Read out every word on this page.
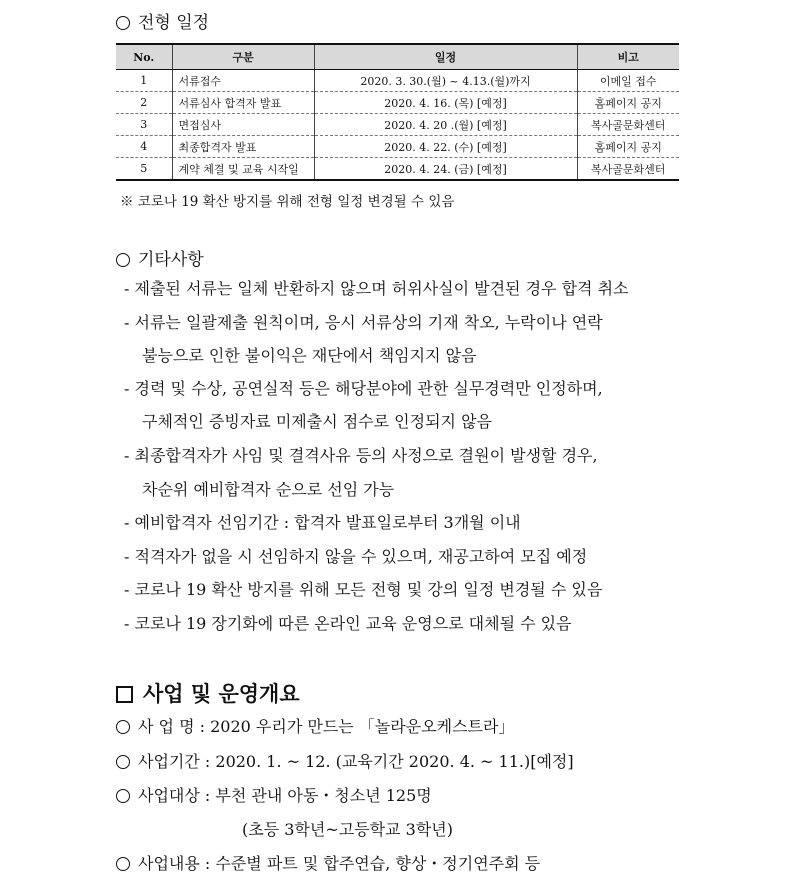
전형 일정
No.	구분	일정	비고
1	서류접수	2020. 3. 30.(월) ~ 4.13.(월)까지	이메일 접수
2	서류심사 합격자 발표	2020. 4. 16. (목) [예정]	홈페이지 공지
3	면접심사	2020. 4. 20 .(월) [예정]	복사골문화센터
4	최종합격자 발표	2020. 4. 22. (수) [예정]	홈페이지 공지
5	계약 체결 및 교육 시작일	2020. 4. 24. (금) [예정]	복사골문화센터
※ 코로나 19 확산 방지를 위해 전형 일정 변경될 수 있음
기타사항
- 제출된 서류는 일체 반환하지 않으며 허위사실이 발견된 경우 합격 취소
- 서류는 일괄제출 원칙이며, 응시 서류상의 기재 착오, 누락이나 연락
불능으로 인한 불이익은 재단에서 책임지지 않음
- 경력 및 수상, 공연실적 등은 해당분야에 관한 실무경력만 인정하며,
구체적인 증빙자료 미제출시 점수로 인정되지 않음
- 최종합격자가 사임 및 결격사유 등의 사정으로 결원이 발생할 경우,
차순위 예비합격자 순으로 선임 가능
- 예비합격자 선임기간 : 합격자 발표일로부터 3개월 이내
- 적격자가 없을 시 선임하지 않을 수 있으며, 재공고하여 모집 예정
- 코로나 19 확산 방지를 위해 모든 전형 및 강의 일정 변경될 수 있음
- 코로나 19 장기화에 따른 온라인 교육 운영으로 대체될 수 있음
사업 및 운영개요
사 업 명 : 2020 우리가 만드는 「놀라운오케스트라」
사업기간 : 2020. 1. ~ 12. (교육기간 2020. 4. ~ 11.)[예정]
사업대상 : 부천 관내 아동・청소년 125명
(초등 3학년~고등학교 3학년)
사업내용 : 수준별 파트 및 합주연습, 향상・정기연주회 등
